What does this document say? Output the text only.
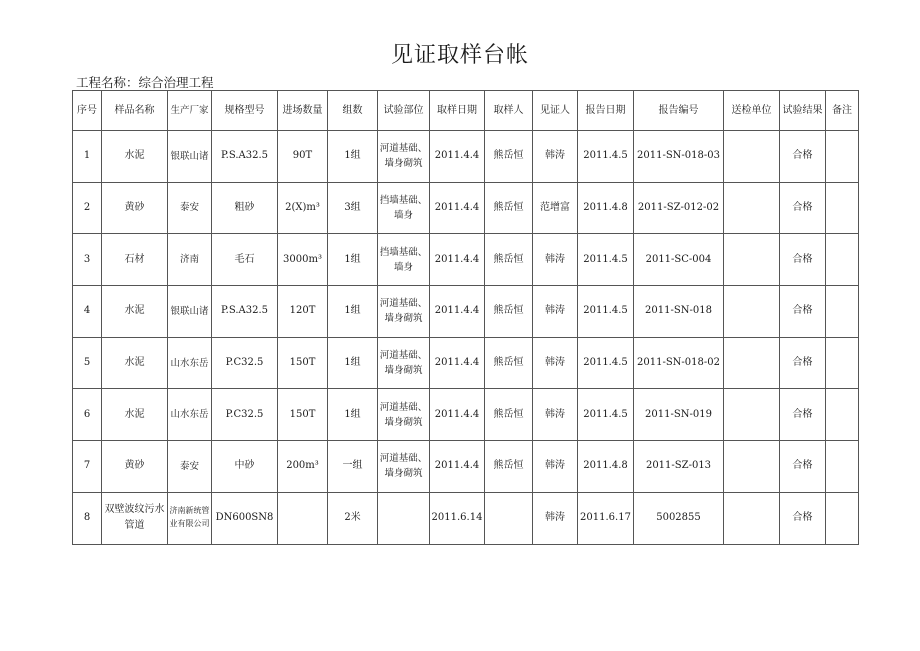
见证取样台帐
工程名称：综合治理工程
序号	样品名称	生产厂家	规格型号	进场数量	组数	试验部位	取样日期	取样人	见证人	报告日期	报告编号	送检单位	试验结果	备注
1	水泥	银联山诸	P.S.A32.5	90T	1组	河道基础、墙身砌筑	2011.4.4	熊岳恒	韩涛	2011.4.5	2011-SN-018-03		合格	
2	黄砂	泰安	粗砂	2(X)m³	3组	挡墙基础、墙身	2011.4.4	熊岳恒	范增富	2011.4.8	2011-SZ-012-02		合格	
3	石材	济南	毛石	3000m³	1组	挡墙基础、墙身	2011.4.4	熊岳恒	韩涛	2011.4.5	2011-SC-004		合格	
4	水泥	银联山诸	P.S.A32.5	120T	1组	河道基础、墙身砌筑	2011.4.4	熊岳恒	韩涛	2011.4.5	2011-SN-018		合格	
5	水泥	山水东岳	P.C32.5	150T	1组	河道基础、墙身砌筑	2011.4.4	熊岳恒	韩涛	2011.4.5	2011-SN-018-02		合格	
6	水泥	山水东岳	P.C32.5	150T	1组	河道基础、墙身砌筑	2011.4.4	熊岳恒	韩涛	2011.4.5	2011-SN-019		合格	
7	黄砂	泰安	中砂	200m³	一组	河道基础、墙身砌筑	2011.4.4	熊岳恒	韩涛	2011.4.8	2011-SZ-013		合格	
8	双壁波纹污水管道	济南新统管业有限公司	DN600SN8		2米		2011.6.14		韩涛	2011.6.17	5002855		合格	
